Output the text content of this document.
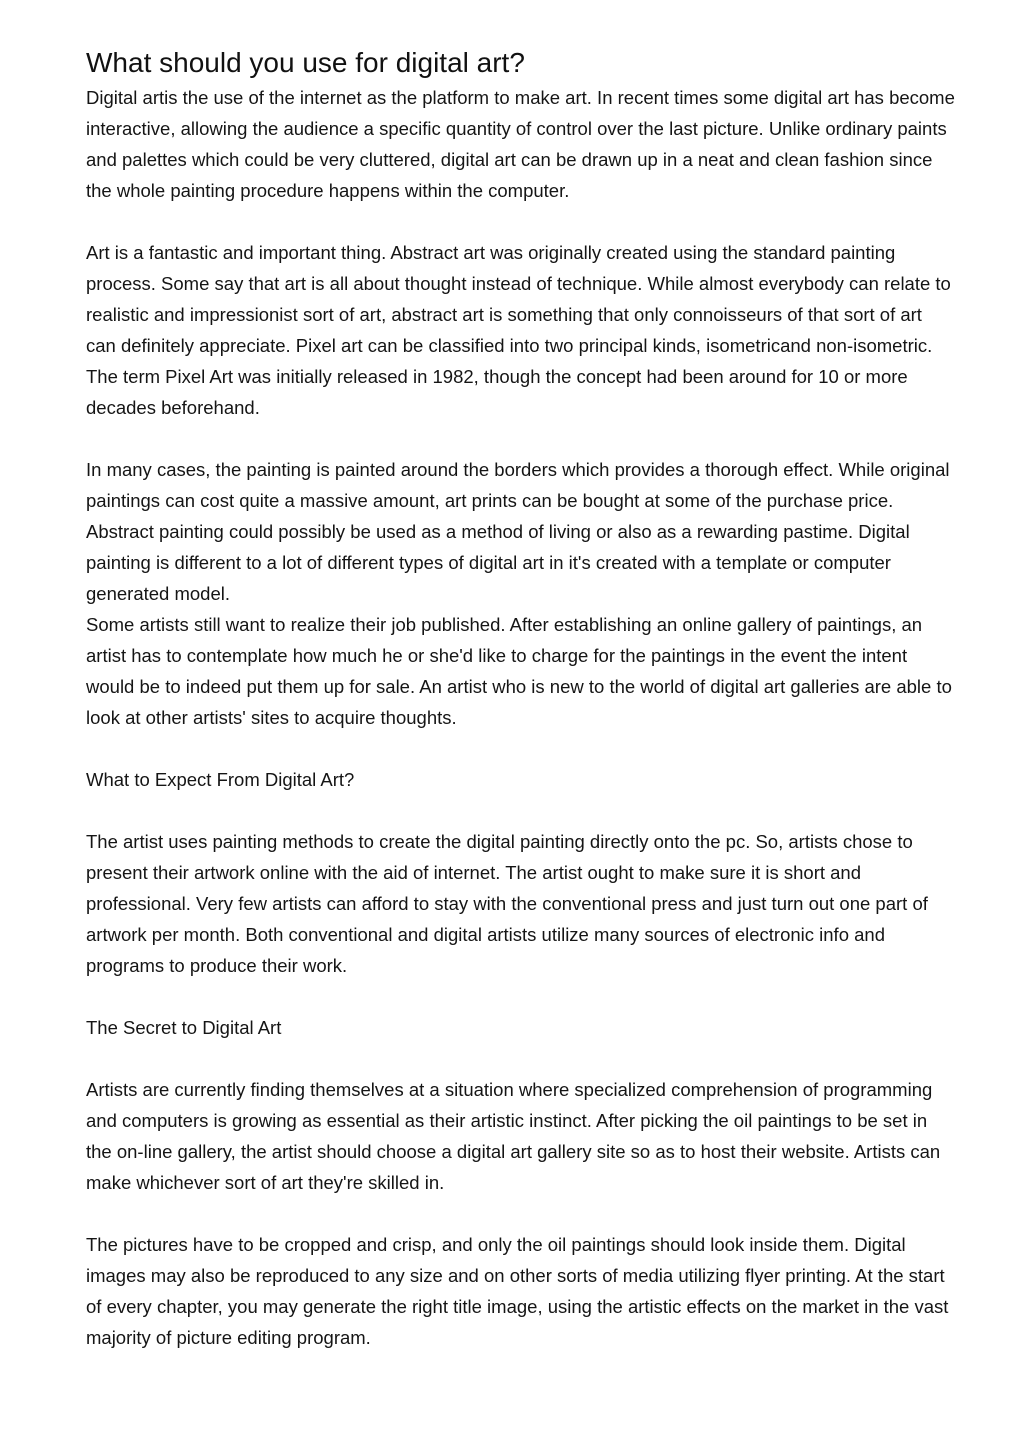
What should you use for digital art?

Digital artis the use of the internet as the platform to make art. In recent times some digital art has become interactive, allowing the audience a specific quantity of control over the last picture. Unlike ordinary paints and palettes which could be very cluttered, digital art can be drawn up in a neat and clean fashion since the whole painting procedure happens within the computer.

Art is a fantastic and important thing. Abstract art was originally created using the standard painting process. Some say that art is all about thought instead of technique. While almost everybody can relate to realistic and impressionist sort of art, abstract art is something that only connoisseurs of that sort of art can definitely appreciate. Pixel art can be classified into two principal kinds, isometricand non-isometric. The term Pixel Art was initially released in 1982, though the concept had been around for 10 or more decades beforehand.

In many cases, the painting is painted around the borders which provides a thorough effect. While original paintings can cost quite a massive amount, art prints can be bought at some of the purchase price. Abstract painting could possibly be used as a method of living or also as a rewarding pastime. Digital painting is different to a lot of different types of digital art in it's created with a template or computer generated model.

Some artists still want to realize their job published. After establishing an online gallery of paintings, an artist has to contemplate how much he or she'd like to charge for the paintings in the event the intent would be to indeed put them up for sale. An artist who is new to the world of digital art galleries are able to look at other artists' sites to acquire thoughts.

What to Expect From Digital Art?

The artist uses painting methods to create the digital painting directly onto the pc. So, artists chose to present their artwork online with the aid of internet. The artist ought to make sure it is short and professional. Very few artists can afford to stay with the conventional press and just turn out one part of artwork per month. Both conventional and digital artists utilize many sources of electronic info and programs to produce their work.

The Secret to Digital Art

Artists are currently finding themselves at a situation where specialized comprehension of programming and computers is growing as essential as their artistic instinct. After picking the oil paintings to be set in the on-line gallery, the artist should choose a digital art gallery site so as to host their website. Artists can make whichever sort of art they're skilled in.

The pictures have to be cropped and crisp, and only the oil paintings should look inside them. Digital images may also be reproduced to any size and on other sorts of media utilizing flyer printing. At the start of every chapter, you may generate the right title image, using the artistic effects on the market in the vast majority of picture editing program.
